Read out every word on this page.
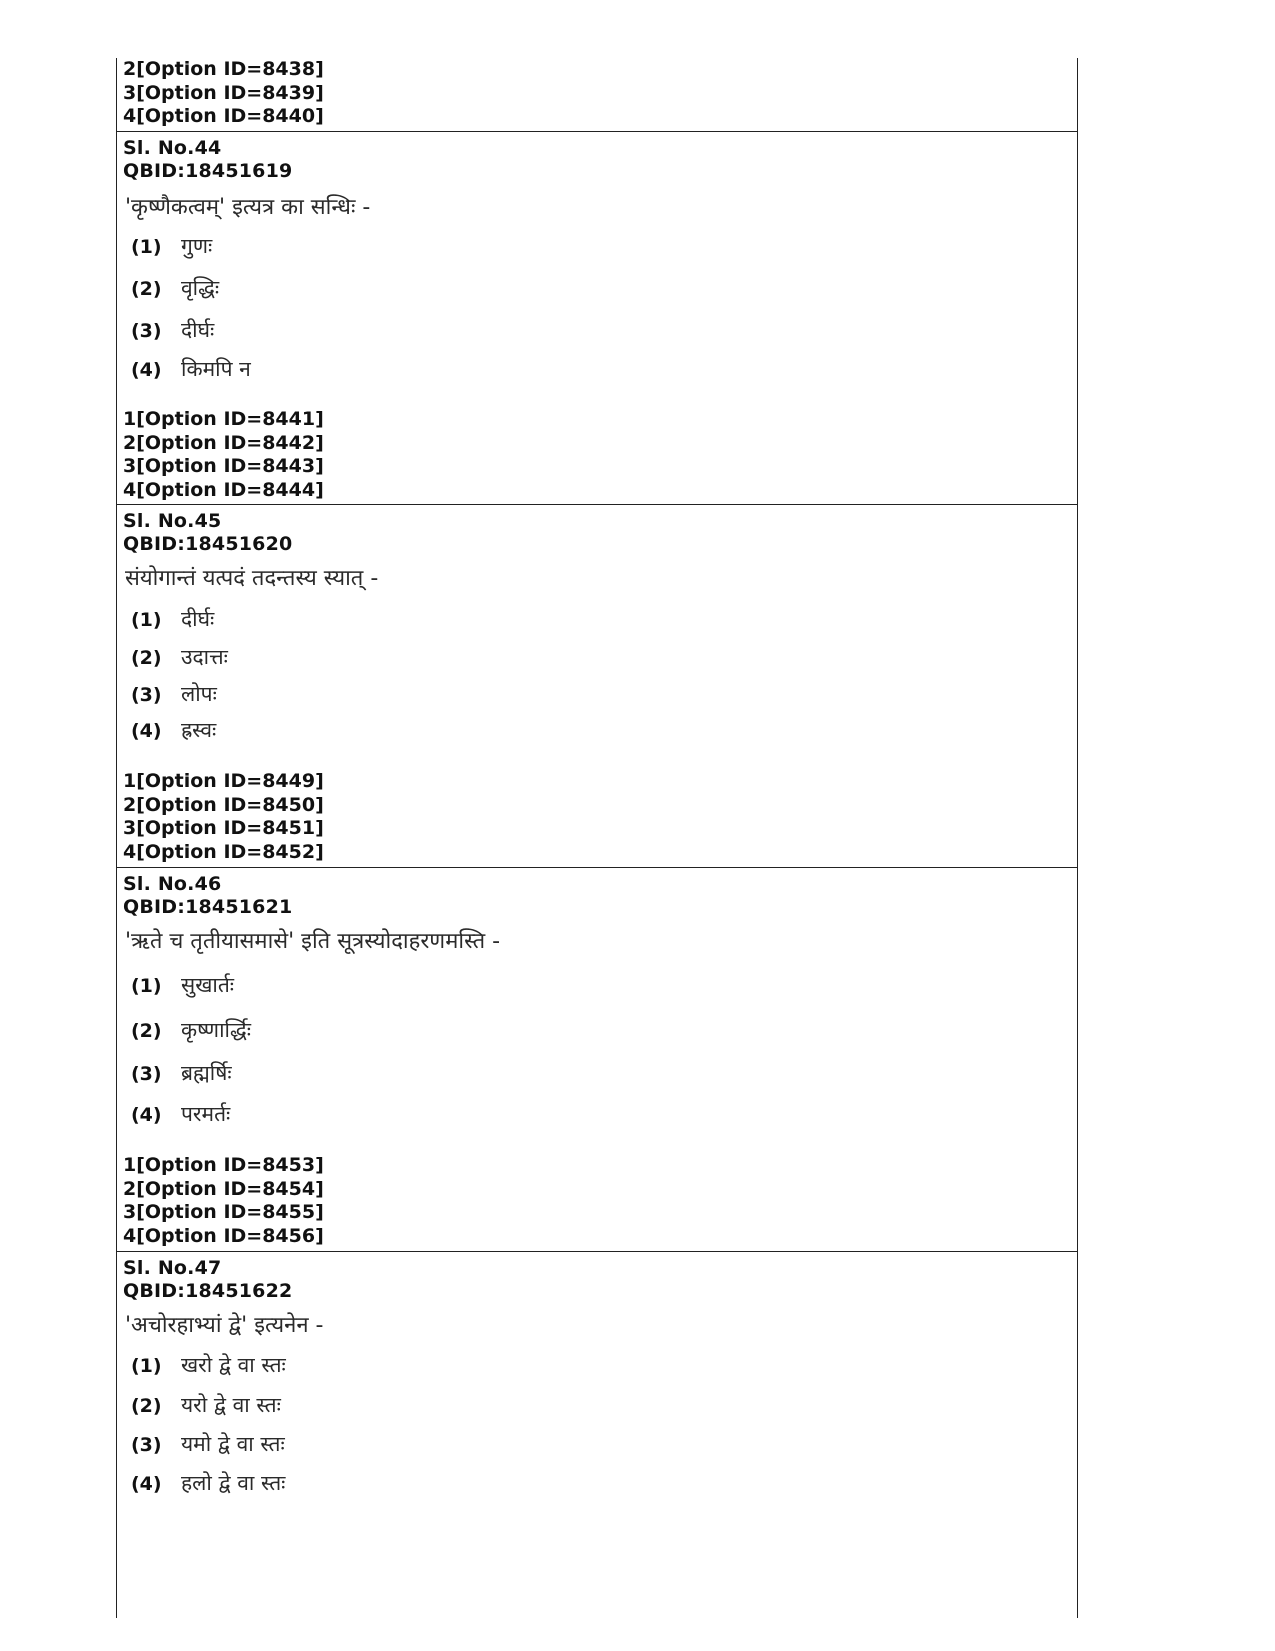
2[Option ID=8438]
3[Option ID=8439]
4[Option ID=8440]
Sl. No.44
QBID:18451619
'कृष्णैकत्वम्' इत्यत्र का सन्धिः -
(1) गुणः
(2) वृद्धिः
(3) दीर्घः
(4) किमपि न
1[Option ID=8441]
2[Option ID=8442]
3[Option ID=8443]
4[Option ID=8444]
Sl. No.45
QBID:18451620
संयोगान्तं यत्पदं तदन्तस्य स्यात् -
(1) दीर्घः
(2) उदात्तः
(3) लोपः
(4) ह्रस्वः
1[Option ID=8449]
2[Option ID=8450]
3[Option ID=8451]
4[Option ID=8452]
Sl. No.46
QBID:18451621
'ऋते च तृतीयासमासे' इति सूत्रस्योदाहरणमस्ति -
(1) सुखार्तः
(2) कृष्णार्द्धिः
(3) ब्रह्मर्षिः
(4) परमर्तः
1[Option ID=8453]
2[Option ID=8454]
3[Option ID=8455]
4[Option ID=8456]
Sl. No.47
QBID:18451622
'अचोरहाभ्यां द्वे' इत्यनेन -
(1) खरो द्वे वा स्तः
(2) यरो द्वे वा स्तः
(3) यमो द्वे वा स्तः
(4) हलो द्वे वा स्तः
